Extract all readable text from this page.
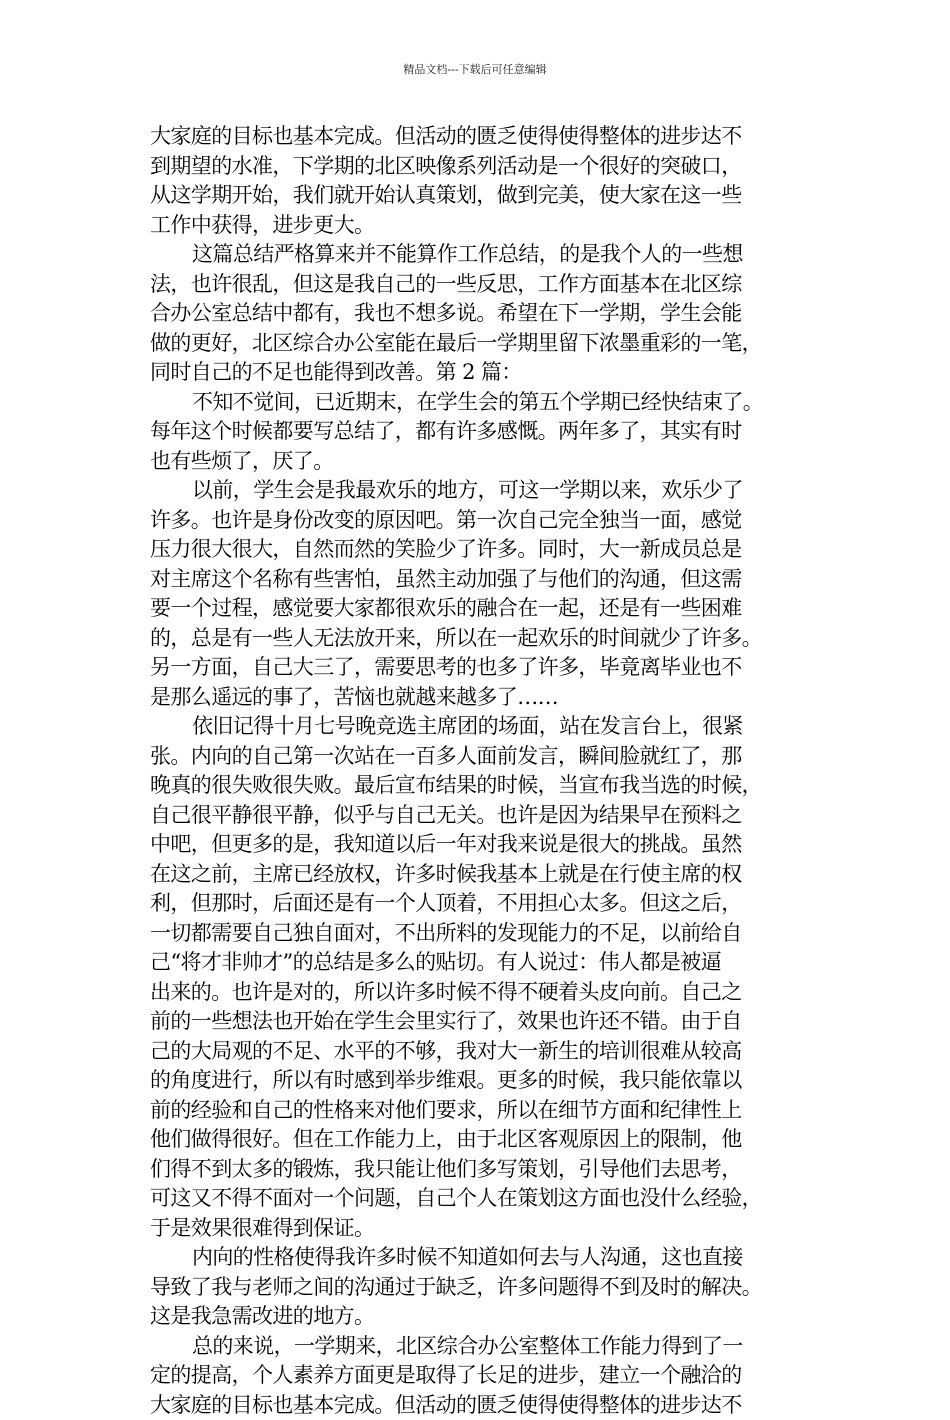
精品文档---下载后可任意编辑
大家庭的目标也基本完成。但活动的匮乏使得使得整体的进步达不
到期望的水准，下学期的北区映像系列活动是一个很好的突破口，
从这学期开始，我们就开始认真策划，做到完美，使大家在这一些
工作中获得，进步更大。
这篇总结严格算来并不能算作工作总结，的是我个人的一些想
法，也许很乱，但这是我自己的一些反思，工作方面基本在北区综
合办公室总结中都有，我也不想多说。希望在下一学期，学生会能
做的更好，北区综合办公室能在最后一学期里留下浓墨重彩的一笔，
同时自己的不足也能得到改善。第 2 篇：
不知不觉间，已近期末，在学生会的第五个学期已经快结束了。
每年这个时候都要写总结了，都有许多感慨。两年多了，其实有时
也有些烦了，厌了。
以前，学生会是我最欢乐的地方，可这一学期以来，欢乐少了
许多。也许是身份改变的原因吧。第一次自己完全独当一面，感觉
压力很大很大，自然而然的笑脸少了许多。同时，大一新成员总是
对主席这个名称有些害怕，虽然主动加强了与他们的沟通，但这需
要一个过程，感觉要大家都很欢乐的融合在一起，还是有一些困难
的，总是有一些人无法放开来，所以在一起欢乐的时间就少了许多。
另一方面，自己大三了，需要思考的也多了许多，毕竟离毕业也不
是那么遥远的事了，苦恼也就越来越多了……
依旧记得十月七号晚竞选主席团的场面，站在发言台上，很紧
张。内向的自己第一次站在一百多人面前发言，瞬间脸就红了，那
晚真的很失败很失败。最后宣布结果的时候，当宣布我当选的时候，
自己很平静很平静，似乎与自己无关。也许是因为结果早在预料之
中吧，但更多的是，我知道以后一年对我来说是很大的挑战。虽然
在这之前，主席已经放权，许多时候我基本上就是在行使主席的权
利，但那时，后面还是有一个人顶着，不用担心太多。但这之后，
一切都需要自己独自面对，不出所料的发现能力的不足，以前给自
己“将才非帅才”的总结是多么的贴切。有人说过：伟人都是被逼
出来的。也许是对的，所以许多时候不得不硬着头皮向前。自己之
前的一些想法也开始在学生会里实行了，效果也许还不错。由于自
己的大局观的不足、水平的不够，我对大一新生的培训很难从较高
的角度进行，所以有时感到举步维艰。更多的时候，我只能依靠以
前的经验和自己的性格来对他们要求，所以在细节方面和纪律性上
他们做得很好。但在工作能力上，由于北区客观原因上的限制，他
们得不到太多的锻炼，我只能让他们多写策划，引导他们去思考，
可这又不得不面对一个问题，自己个人在策划这方面也没什么经验，
于是效果很难得到保证。
内向的性格使得我许多时候不知道如何去与人沟通，这也直接
导致了我与老师之间的沟通过于缺乏，许多问题得不到及时的解决。
这是我急需改进的地方。
总的来说，一学期来，北区综合办公室整体工作能力得到了一
定的提高，个人素养方面更是取得了长足的进步，建立一个融洽的
大家庭的目标也基本完成。但活动的匮乏使得使得整体的进步达不
